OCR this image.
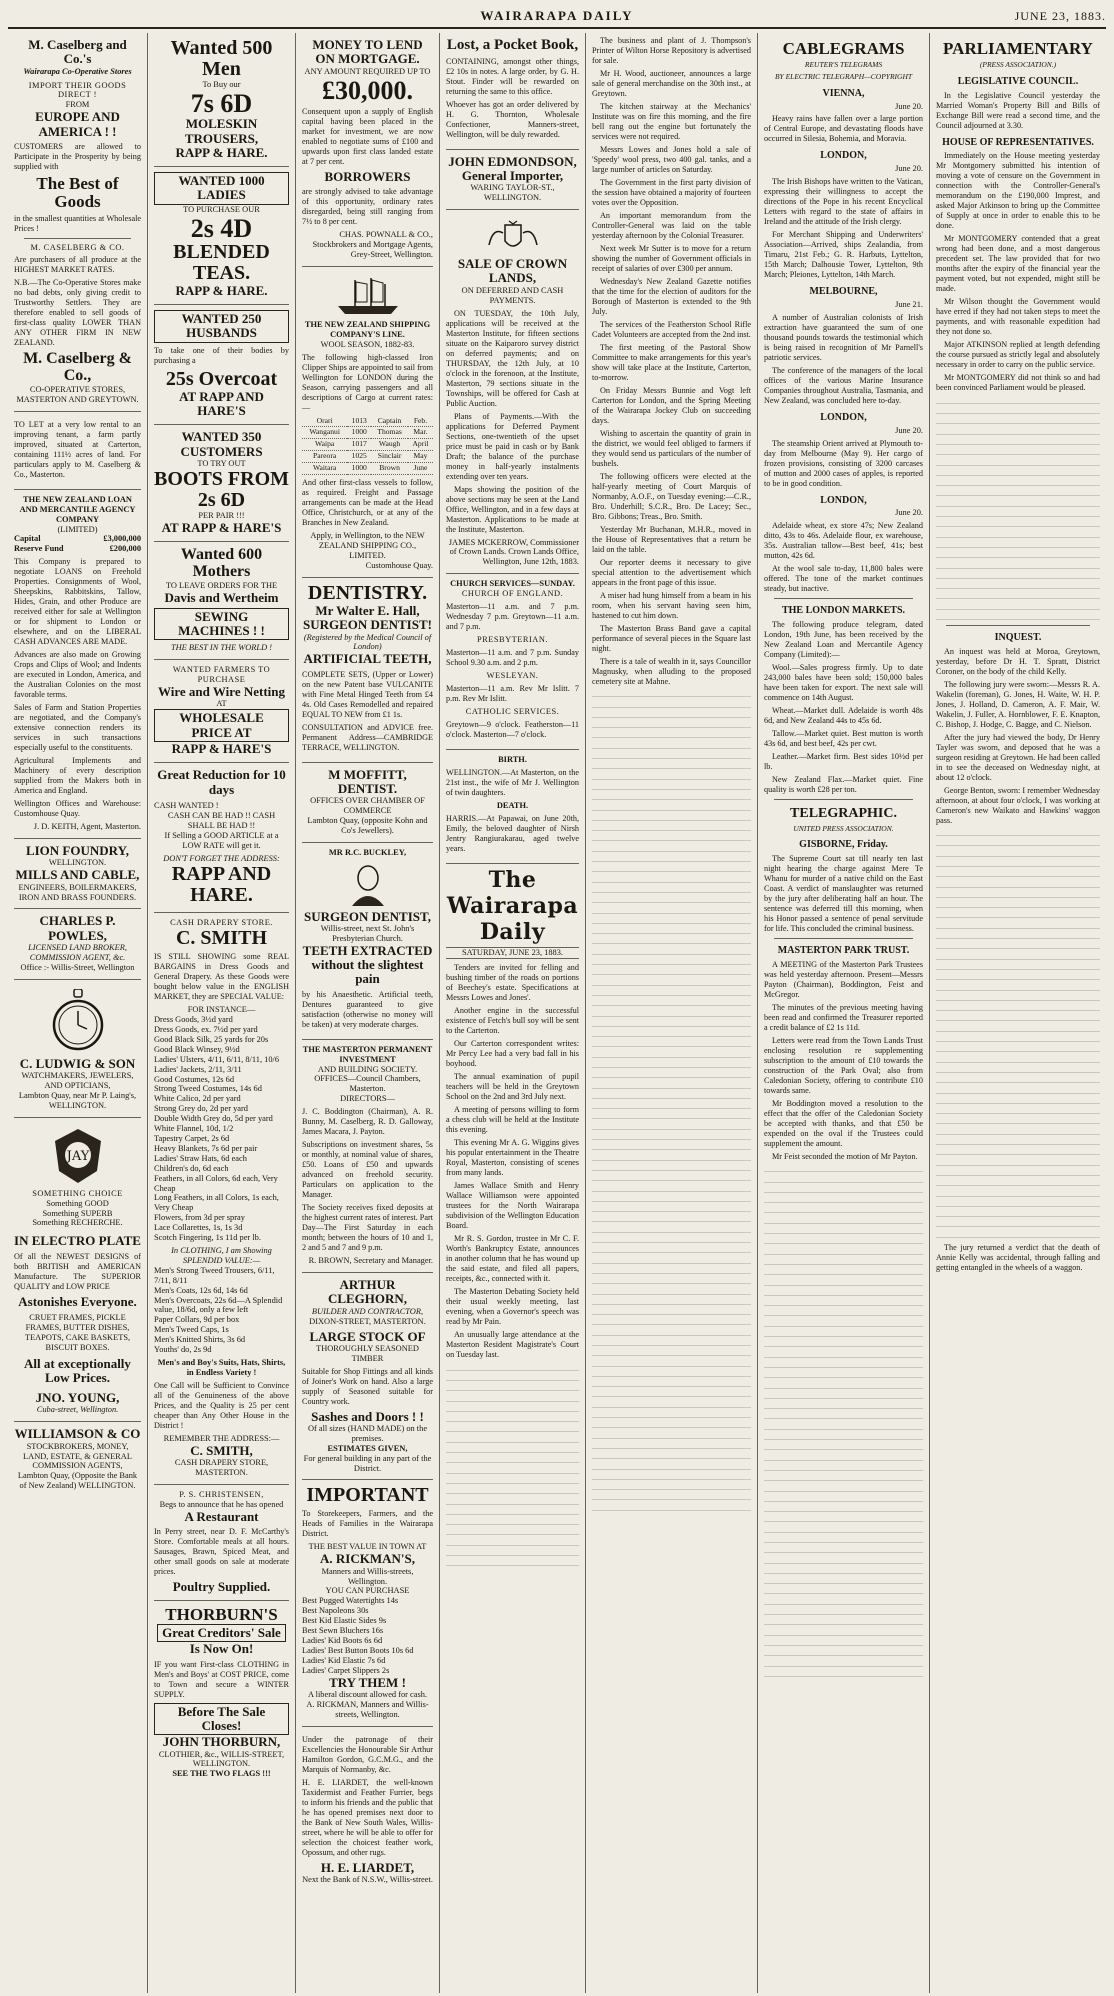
WAIRARAPA DAILY	JUNE 23, 1883.
M. Caselberg and Co.'s
Wairarapa Co-Operative Stores
IMPORT THEIR GOODS DIRECT !
FROM
EUROPE AND AMERICA ! !
CUSTOMERS are allowed to Participate in the Prosperity by being supplied with
The Best of Goods
in the smallest quantities at Wholesale Prices !
M. CASELBERG & CO.
Are purchasers of all produce at the HIGHEST MARKET RATES.
N.B.—The Co-Operative Stores make no bad debts, only giving credit to Trustworthy Settlers. They are therefore enabled to sell goods of first-class quality LOWER THAN ANY OTHER FIRM IN NEW ZEALAND.
M. Caselberg & Co.,
CO-OPERATIVE STORES,
MASTERTON AND GREYTOWN.
TO LET at a very low rental to an improving tenant, a farm partly improved, situated at Carterton, containing 111½ acres of land. For particulars apply to M. Caselberg & Co., Masterton.
THE NEW ZEALAND LOAN AND MERCANTILE AGENCY COMPANY
(LIMITED)
Capital	£3,000,000
Reserve Fund	£200,000
This Company is prepared to negotiate LOANS on Freehold Properties. Consignments of Wool, Sheepskins, Rabbitskins, Tallow, Hides, Grain, and other Produce are received either for sale at Wellington or for shipment to London or elsewhere, and on the LIBERAL CASH ADVANCES ARE MADE.
Advances are also made on Growing Crops and Clips of Wool; and Indents are executed in London, America, and the Australian Colonies on the most favorable terms.
Sales of Farm and Station Properties are negotiated, and the Company's extensive connection renders its services in such transactions especially useful to the constituents.
Agricultural Implements and Machinery of every description supplied from the Makers both in America and England.
Wellington Offices and Warehouse: Customhouse Quay.
J. D. KEITH, Agent, Masterton.
LION FOUNDRY,
WELLINGTON.
MILLS AND CABLE,
ENGINEERS, BOILERMAKERS, IRON AND BRASS FOUNDERS.
CHARLES P. POWLES,
LICENSED LAND BROKER, COMMISSION AGENT, &c.
Office :- Willis-Street, Wellington
C. LUDWIG & SON
WATCHMAKERS, JEWELERS, AND OPTICIANS,
Lambton Quay, near Mr P. Laing's, WELLINGTON.
JAY
SOMETHING CHOICE
Something GOOD
Something SUPERB
Something RECHERCHE.
IN ELECTRO PLATE
Of all the NEWEST DESIGNS of both BRITISH and AMERICAN Manufacture. The SUPERIOR QUALITY and LOW PRICE
Astonishes Everyone.
CRUET FRAMES, PICKLE FRAMES, BUTTER DISHES, TEAPOTS, CAKE BASKETS, BISCUIT BOXES.
All at exceptionally Low Prices.
JNO. YOUNG,
Cuba-street, Wellington.
WILLIAMSON & CO
STOCKBROKERS, MONEY, LAND, ESTATE, & GENERAL COMMISSION AGENTS,
Lambton Quay, (Opposite the Bank of New Zealand) WELLINGTON.
Wanted 500 Men
To Buy our
7s 6D
MOLESKIN TROUSERS,
RAPP & HARE.
WANTED 1000 LADIES
TO PURCHASE OUR
2s 4D
BLENDED TEAS.
RAPP & HARE.
WANTED 250 HUSBANDS
To take one of their bodies by purchasing a
25s Overcoat
AT RAPP AND HARE'S
WANTED 350 CUSTOMERS
TO TRY OUT
BOOTS FROM 2s 6D
PER PAIR !!!
AT RAPP & HARE'S
Wanted 600 Mothers
TO LEAVE ORDERS FOR THE
Davis and Wertheim
SEWING MACHINES ! !
THE BEST IN THE WORLD !
WANTED FARMERS TO PURCHASE
Wire and Wire Netting
AT
WHOLESALE PRICE AT
RAPP & HARE'S
Great Reduction for 10 days
CASH WANTED !
CASH CAN BE HAD !! CASH SHALL BE HAD !!
If Selling a GOOD ARTICLE at a LOW RATE will get it.
DON'T FORGET THE ADDRESS:
RAPP AND HARE.
CASH DRAPERY STORE.
C. SMITH
IS STILL SHOWING some REAL BARGAINS in Dress Goods and General Drapery. As these Goods were bought below value in the ENGLISH MARKET, they are SPECIAL VALUE:
FOR INSTANCE—
Dress Goods, 3½d yard
Dress Goods, ex. 7½d per yard
Good Black Silk, 25 yards for 20s
Good Black Winsey, 9½d
Ladies' Ulsters, 4/11, 6/11, 8/11, 10/6
Ladies' Jackets, 2/11, 3/11
Good Costumes, 12s 6d
Strong Tweed Costumes, 14s 6d
White Calico, 2d per yard
Strong Grey do, 2d per yard
Double Width Grey do, 5d per yard
White Flannel, 10d, 1/2
Tapestry Carpet, 2s 6d
Heavy Blankets, 7s 6d per pair
Ladies' Straw Hats, 6d each
Children's do, 6d each
Feathers, in all Colors, 6d each, Very Cheap
Long Feathers, in all Colors, 1s each, Very Cheap
Flowers, from 3d per spray
Lace Collarettes, 1s, 1s 3d
Scotch Fingering, 1s 11d per lb.
In CLOTHING, I am Showing SPLENDID VALUE:—
Men's Strong Tweed Trousers, 6/11, 7/11, 8/11
Men's Coats, 12s 6d, 14s 6d
Men's Overcoats, 22s 6d—A Splendid value, 18/6d, only a few left
Paper Collars, 9d per box
Men's Tweed Caps, 1s
Men's Knitted Shirts, 3s 6d
Youths' do, 2s 9d
Men's and Boy's Suits, Hats, Shirts, in Endless Variety !
One Call will be Sufficient to Convince all of the Genuineness of the above Prices, and the Quality is 25 per cent cheaper than Any Other House in the District !
REMEMBER THE ADDRESS:—
C. SMITH,
CASH DRAPERY STORE, MASTERTON.
P. S. CHRISTENSEN,
Begs to announce that he has opened
A Restaurant
In Perry street, near D. F. McCarthy's Store. Comfortable meals at all hours. Sausages, Brawn, Spiced Meat, and other small goods on sale at moderate prices.
Poultry Supplied.
THORBURN'S
Great Creditors' Sale
Is Now On!
IF you want First-class CLOTHING in Men's and Boys' at COST PRICE, come to Town and secure a WINTER SUPPLY.
Before The Sale Closes!
JOHN THORBURN,
CLOTHIER, &c., WILLIS-STREET, WELLINGTON.
SEE THE TWO FLAGS !!!
MONEY TO LEND ON MORTGAGE.
ANY AMOUNT REQUIRED UP TO
£30,000.
Consequent upon a supply of English capital having been placed in the market for investment, we are now enabled to negotiate sums of £100 and upwards upon first class landed estate at 7 per cent.
BORROWERS
are strongly advised to take advantage of this opportunity, ordinary rates disregarded, being still ranging from 7½ to 8 per cent.
CHAS. POWNALL & CO., Stockbrokers and Mortgage Agents, Grey-Street, Wellington.
THE NEW ZEALAND SHIPPING COMPANY'S LINE.
WOOL SEASON, 1882-83.
The following high-classed Iron Clipper Ships are appointed to sail from Wellington for LONDON during the Season, carrying passengers and all descriptions of Cargo at current rates:—
Orari	1013	Captain	Feb.
Wanganui	1000	Thomas	Mar.
Waipa	1017	Waugh	April
Pareora	1025	Sinclair	May
Waitara	1000	Brown	June
And other first-class vessels to follow, as required. Freight and Passage arrangements can be made at the Head Office, Christchurch, or at any of the Branches in New Zealand.
Apply, in Wellington, to the NEW ZEALAND SHIPPING CO., LIMITED.
Customhouse Quay.
DENTISTRY.
Mr Walter E. Hall,
SURGEON DENTIST!
(Registered by the Medical Council of London)
ARTIFICIAL TEETH,
COMPLETE SETS, (Upper or Lower) on the new Patent base VULCANITE with Fine Metal Hinged Teeth from £4 4s. Old Cases Remodelled and repaired EQUAL TO NEW from £1 1s.
CONSULTATION and ADVICE free. Permanent Address—CAMBRIDGE TERRACE, WELLINGTON.
M MOFFITT, DENTIST.
OFFICES OVER CHAMBER OF COMMERCE
Lambton Quay, (opposite Kohn and Co's Jewellers).
MR R.C. BUCKLEY,
SURGEON DENTIST,
Willis-street, next St. John's Presbyterian Church.
TEETH EXTRACTED without the slightest pain
by his Anaesthetic. Artificial teeth, Dentures guaranteed to give satisfaction (otherwise no money will be taken) at very moderate charges.
THE MASTERTON PERMANENT INVESTMENT
AND BUILDING SOCIETY.
OFFICES—Council Chambers, Masterton.
DIRECTORS—
J. C. Boddington (Chairman), A. R. Bunny, M. Caselberg, R. D. Galloway, James Macara, J. Payton.
Subscriptions on investment shares, 5s or monthly, at nominal value of shares, £50. Loans of £50 and upwards advanced on freehold security. Particulars on application to the Manager.
The Society receives fixed deposits at the highest current rates of interest. Part Day—The First Saturday in each month; between the hours of 10 and 1, 2 and 5 and 7 and 9 p.m.
R. BROWN, Secretary and Manager.
ARTHUR CLEGHORN,
BUILDER AND CONTRACTOR,
DIXON-STREET, MASTERTON.
LARGE STOCK OF
THOROUGHLY SEASONED TIMBER
Suitable for Shop Fittings and all kinds of Joiner's Work on hand. Also a large supply of Seasoned suitable for Country work.
Sashes and Doors ! !
Of all sizes (HAND MADE) on the premises.
ESTIMATES GIVEN,
For general building in any part of the District.
IMPORTANT
To Storekeepers, Farmers, and the Heads of Families in the Wairarapa District.
THE BEST VALUE IN TOWN AT
A. RICKMAN'S,
Manners and Willis-streets, Wellington.
YOU CAN PURCHASE
Best Pugged Watertights 14s
Best Napoleons 30s
Best Kid Elastic Sides 9s
Best Sewn Bluchers 16s
Ladies' Kid Boots 6s 6d
Ladies' Best Button Boots 10s 6d
Ladies' Kid Elastic 7s 6d
Ladies' Carpet Slippers 2s
TRY THEM !
A liberal discount allowed for cash.
A. RICKMAN, Manners and Willis-streets, Wellington.
Under the patronage of their Excellencies the Honourable Sir Arthur Hamilton Gordon, G.C.M.G., and the Marquis of Normanby, &c.
H. E. LIARDET, the well-known Taxidermist and Feather Furrier, begs to inform his friends and the public that he has opened premises next door to the Bank of New South Wales, Willis-street, where he will be able to offer for selection the choicest feather work, Opossum, and other rugs.
H. E. LIARDET,
Next the Bank of N.S.W., Willis-street.
Lost, a Pocket Book,
CONTAINING, amongst other things, £2 10s in notes. A large order, by G. H. Stout. Finder will be rewarded on returning the same to this office.
Whoever has got an order delivered by H. G. Thornton, Wholesale Confectioner, Manners-street, Wellington, will be duly rewarded.
JOHN EDMONDSON,
General Importer,
WARING TAYLOR-ST., WELLINGTON.
SALE OF CROWN LANDS,
ON DEFERRED AND CASH PAYMENTS.
ON TUESDAY, the 10th July, applications will be received at the Masterton Institute, for fifteen sections situate on the Kaiparoro survey district on deferred payments; and on THURSDAY, the 12th July, at 10 o'clock in the forenoon, at the Institute, Masterton, 79 sections situate in the Townships, will be offered for Cash at Public Auction.
Plans of Payments.—With the applications for Deferred Payment Sections, one-twentieth of the upset price must be paid in cash or by Bank Draft; the balance of the purchase money in half-yearly instalments extending over ten years.
Maps showing the position of the above sections may be seen at the Land Office, Wellington, and in a few days at Masterton. Applications to be made at the Institute, Masterton.
JAMES MCKERROW, Commissioner of Crown Lands. Crown Lands Office, Wellington, June 12th, 1883.
CHURCH SERVICES—SUNDAY.
CHURCH OF ENGLAND.
Masterton—11 a.m. and 7 p.m. Wednesday 7 p.m. Greytown—11 a.m. and 7 p.m.
PRESBYTERIAN.
Masterton—11 a.m. and 7 p.m. Sunday School 9.30 a.m. and 2 p.m.
WESLEYAN.
Masterton—11 a.m. Rev Mr Islitt. 7 p.m. Rev Mr Islitt.
CATHOLIC SERVICES.
Greytown—9 o'clock. Featherston—11 o'clock. Masterton—7 o'clock.
BIRTH.
WELLINGTON.—At Masterton, on the 21st inst., the wife of Mr J. Wellington of twin daughters.
DEATH.
HARRIS.—At Papawai, on June 20th, Emily, the beloved daughter of Nirsh Jentry Rangiurakarau, aged twelve years.
The Wairarapa Daily
SATURDAY, JUNE 23, 1883.
Tenders are invited for felling and bushing timber of the roads on portions of Beechey's estate. Specifications at Messrs Lowes and Jones'.
Another engine in the successful existence of Fetch's bull soy will be sent to the Carterton.
Our Carterton correspondent writes: Mr Percy Lee had a very bad fall in his boyhood.
The annual examination of pupil teachers will be held in the Greytown School on the 2nd and 3rd July next.
A meeting of persons willing to form a chess club will be held at the Institute this evening.
This evening Mr A. G. Wiggins gives his popular entertainment in the Theatre Royal, Masterton, consisting of scenes from many lands.
James Wallace Smith and Henry Wallace Williamson were appointed trustees for the North Wairarapa subdivision of the Wellington Education Board.
Mr R. S. Gordon, trustee in Mr C. F. Worth's Bankruptcy Estate, announces in another column that he has wound up the said estate, and filed all papers, receipts, &c., connected with it.
The Masterton Debating Society held their usual weekly meeting, last evening, when a Governor's speech was read by Mr Pain.
An unusually large attendance at the Masterton Resident Magistrate's Court on Tuesday last.
The business and plant of J. Thompson's Printer of Wilton Horse Repository is advertised for sale.
Mr H. Wood, auctioneer, announces a large sale of general merchandise on the 30th inst., at Greytown.
The kitchen stairway at the Mechanics' Institute was on fire this morning, and the fire bell rang out the engine but fortunately the services were not required.
Messrs Lowes and Jones hold a sale of 'Speedy' wool press, two 400 gal. tanks, and a large number of articles on Saturday.
The Government in the first party division of the session have obtained a majority of fourteen votes over the Opposition.
An important memorandum from the Controller-General was laid on the table yesterday afternoon by the Colonial Treasurer.
Next week Mr Sutter is to move for a return showing the number of Government officials in receipt of salaries of over £300 per annum.
Wednesday's New Zealand Gazette notifies that the time for the election of auditors for the Borough of Masterton is extended to the 9th July.
The services of the Featherston School Rifle Cadet Volunteers are accepted from the 2nd inst.
The first meeting of the Pastoral Show Committee to make arrangements for this year's show will take place at the Institute, Carterton, to-morrow.
On Friday Messrs Bunnie and Vogt left Carterton for London, and the Spring Meeting of the Wairarapa Jockey Club on succeeding days.
Wishing to ascertain the quantity of grain in the district, we would feel obliged to farmers if they would send us particulars of the number of bushels.
The following officers were elected at the half-yearly meeting of Court Marquis of Normanby, A.O.F., on Tuesday evening:—C.R., Bro. Underhill; S.C.R., Bro. De Lacey; Sec., Bro. Gibbons; Treas., Bro. Smith.
Yesterday Mr Buchanan, M.H.R., moved in the House of Representatives that a return be laid on the table.
Our reporter deems it necessary to give special attention to the advertisement which appears in the front page of this issue.
A miser had hung himself from a beam in his room, when his servant having seen him, hastened to cut him down.
The Masterton Brass Band gave a capital performance of several pieces in the Square last night.
There is a tale of wealth in it, says Councillor Magnusky, when alluding to the proposed cemetery site at Mahne.
CABLEGRAMS
REUTER'S TELEGRAMS
BY ELECTRIC TELEGRAPH—COPYRIGHT
VIENNA,
June 20.
Heavy rains have fallen over a large portion of Central Europe, and devastating floods have occurred in Silesia, Bohemia, and Moravia.
LONDON,
June 20.
The Irish Bishops have written to the Vatican, expressing their willingness to accept the directions of the Pope in his recent Encyclical Letters with regard to the state of affairs in Ireland and the attitude of the Irish clergy.
For Merchant Shipping and Underwriters' Association—Arrived, ships Zealandia, from Timaru, 21st Feb.; G. R. Harbuts, Lyttelton, 15th March; Dalhousie Tower, Lyttelton, 9th March; Pleiones, Lyttelton, 14th March.
MELBOURNE,
June 21.
A number of Australian colonists of Irish extraction have guaranteed the sum of one thousand pounds towards the testimonial which is being raised in recognition of Mr Parnell's patriotic services.
The conference of the managers of the local offices of the various Marine Insurance Companies throughout Australia, Tasmania, and New Zealand, was concluded here to-day.
LONDON,
June 20.
The steamship Orient arrived at Plymouth to-day from Melbourne (May 9). Her cargo of frozen provisions, consisting of 3200 carcases of mutton and 2000 cases of apples, is reported to be in good condition.
LONDON,
June 20.
Adelaide wheat, ex store 47s; New Zealand ditto, 43s to 46s. Adelaide flour, ex warehouse, 35s. Australian tallow—Best beef, 41s; best mutton, 42s 6d.
At the wool sale to-day, 11,800 bales were offered. The tone of the market continues steady, but inactive.
THE LONDON MARKETS.
The following produce telegram, dated London, 19th June, has been received by the New Zealand Loan and Mercantile Agency Company (Limited):—
Wool.—Sales progress firmly. Up to date 243,000 bales have been sold; 150,000 bales have been taken for export. The next sale will commence on 14th August.
Wheat.—Market dull. Adelaide is worth 48s 6d, and New Zealand 44s to 45s 6d.
Tallow.—Market quiet. Best mutton is worth 43s 6d, and best beef, 42s per cwt.
Leather.—Market firm. Best sides 10½d per lb.
New Zealand Flax.—Market quiet. Fine quality is worth £28 per ton.
TELEGRAPHIC.
UNITED PRESS ASSOCIATION.
GISBORNE, Friday.
The Supreme Court sat till nearly ten last night hearing the charge against Mere Te Whanu for murder of a native child on the East Coast. A verdict of manslaughter was returned by the jury after deliberating half an hour. The sentence was deferred till this morning, when his Honor passed a sentence of penal servitude for life. This concluded the criminal business.
MASTERTON PARK TRUST.
A MEETING of the Masterton Park Trustees was held yesterday afternoon. Present—Messrs Payton (Chairman), Boddington, Feist and McGregor.
The minutes of the previous meeting having been read and confirmed the Treasurer reported a credit balance of £2 1s 11d.
Letters were read from the Town Lands Trust enclosing resolution re supplementing subscription to the amount of £10 towards the construction of the Park Oval; also from Caledonian Society, offering to contribute £10 towards same.
Mr Boddington moved a resolution to the effect that the offer of the Caledonian Society be accepted with thanks, and that £50 be expended on the oval if the Trustees could supplement the amount.
Mr Feist seconded the motion of Mr Payton.
PARLIAMENTARY
(PRESS ASSOCIATION.)
LEGISLATIVE COUNCIL.
In the Legislative Council yesterday the Married Woman's Property Bill and Bills of Exchange Bill were read a second time, and the Council adjourned at 3.30.
HOUSE OF REPRESENTATIVES.
Immediately on the House meeting yesterday Mr Montgomery submitted his intention of moving a vote of censure on the Government in connection with the Controller-General's memorandum on the £190,000 Imprest, and asked Major Atkinson to bring up the Committee of Supply at once in order to enable this to be done.
Mr MONTGOMERY contended that a great wrong had been done, and a most dangerous precedent set. The law provided that for two months after the expiry of the financial year the payment voted, but not expended, might still be made.
Mr Wilson thought the Government would have erred if they had not taken steps to meet the payments, and with reasonable expedition had they not done so.
Major ATKINSON replied at length defending the course pursued as strictly legal and absolutely necessary in order to carry on the public service.
Mr MONTGOMERY did not think so and had been convinced Parliament would be pleased.
INQUEST.
An inquest was held at Moroa, Greytown, yesterday, before Dr H. T. Spratt, District Coroner, on the body of the child Kelly.
The following jury were sworn:—Messrs R. A. Wakelin (foreman), G. Jones, H. Waite, W. H. P. Jones, J. Holland, D. Cameron, A. F. Mair, W. Wakelin, J. Fuller, A. Hornblower, F. E. Knapton, C. Bishop, J. Hodge, C. Bagge, and C. Nielson.
After the jury had viewed the body, Dr Henry Tayler was sworn, and deposed that he was a surgeon residing at Greytown. He had been called in to see the deceased on Wednesday night, at about 12 o'clock.
George Benton, sworn: I remember Wednesday afternoon, at about four o'clock, I was working at Cameron's new Waikato and Hawkins' waggon pass.
The jury returned a verdict that the death of Annie Kelly was accidental, through falling and getting entangled in the wheels of a waggon.
